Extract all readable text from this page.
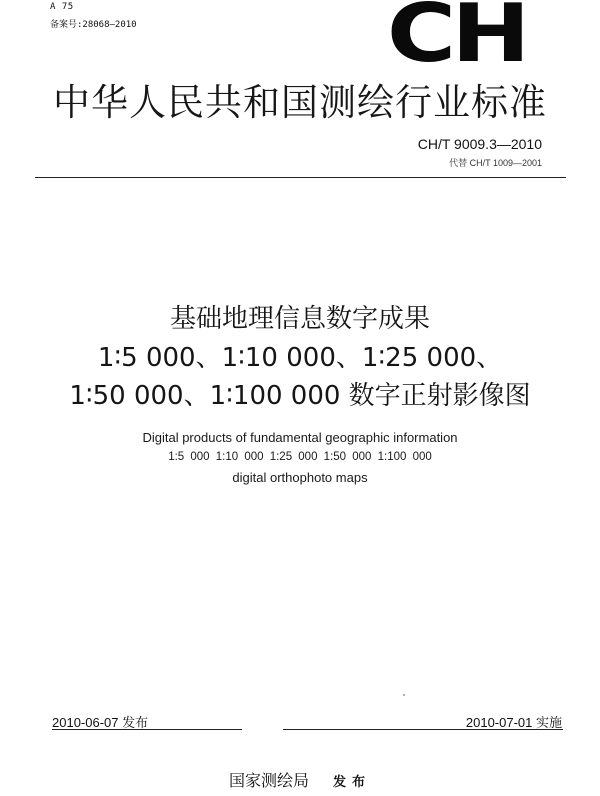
A 75
备案号:28068—2010	CH
中华人民共和国测绘行业标准
CH/T 9009.3—2010
代替 CH/T 1009—2001
基础地理信息数字成果
1∶5 000、1∶10 000、1∶25 000、
1∶50 000、1∶100 000 数字正射影像图
Digital products of fundamental geographic information
1:5 000 1:10 000 1:25 000 1:50 000 1:100 000
digital orthophoto maps
2010-06-07 发布	2010-07-01 实施
国家测绘局 发布
